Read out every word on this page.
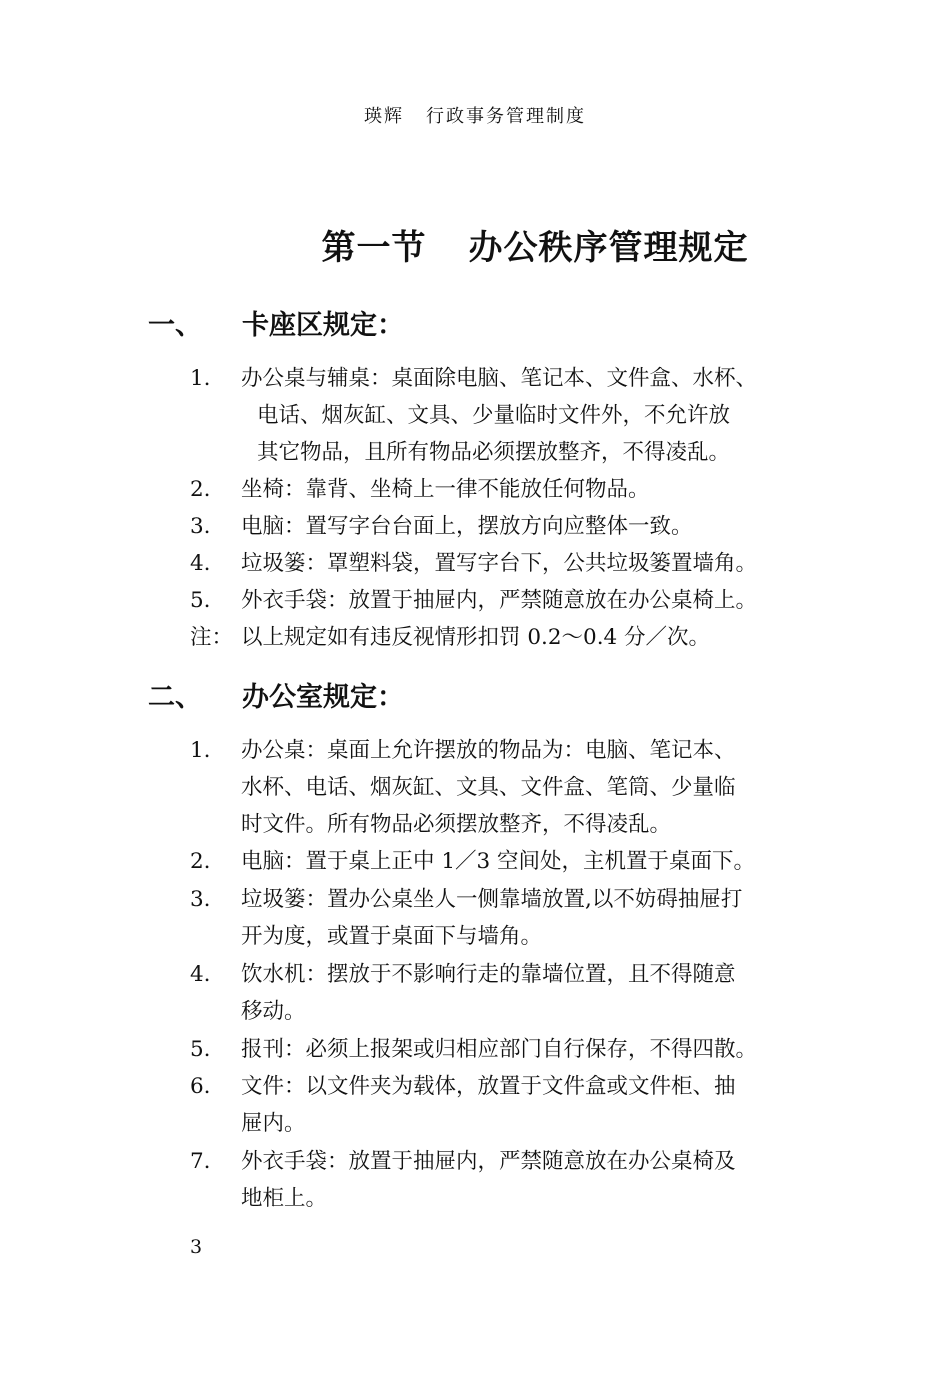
瑛辉 行政事务管理制度
第一节 办公秩序管理规定
一、 卡座区规定：
1. 办公桌与辅桌：桌面除电脑、笔记本、文件盒、水杯、
电话、烟灰缸、文具、少量临时文件外，不允许放
其它物品，且所有物品必须摆放整齐，不得凌乱。
2. 坐椅：靠背、坐椅上一律不能放任何物品。
3. 电脑：置写字台台面上，摆放方向应整体一致。
4. 垃圾篓：罩塑料袋，置写字台下，公共垃圾篓置墙角。
5. 外衣手袋：放置于抽屉内，严禁随意放在办公桌椅上。
注： 以上规定如有违反视情形扣罚 0.2～0.4 分／次。
二、 办公室规定：
1. 办公桌：桌面上允许摆放的物品为：电脑、笔记本、
水杯、电话、烟灰缸、文具、文件盒、笔筒、少量临
时文件。所有物品必须摆放整齐，不得凌乱。
2. 电脑：置于桌上正中 1／3 空间处，主机置于桌面下。
3. 垃圾篓：置办公桌坐人一侧靠墙放置,以不妨碍抽屉打
开为度，或置于桌面下与墙角。
4. 饮水机：摆放于不影响行走的靠墙位置，且不得随意
移动。
5. 报刊：必须上报架或归相应部门自行保存，不得四散。
6. 文件：以文件夹为载体，放置于文件盒或文件柜、抽
屉内。
7. 外衣手袋：放置于抽屉内，严禁随意放在办公桌椅及
地柜上。
3
